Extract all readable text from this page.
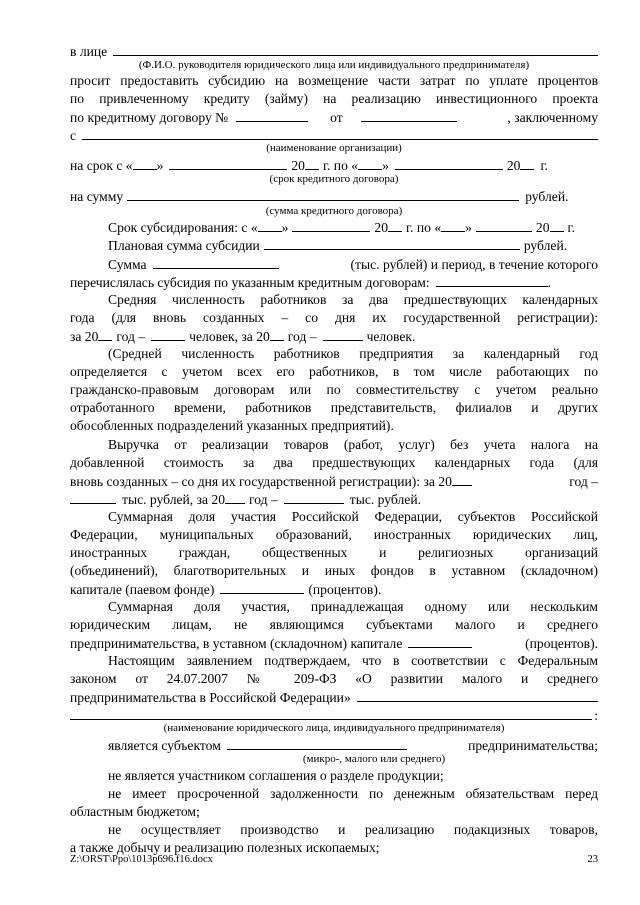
в лице
(Ф.И.О. руководителя юридического лица или индивидуального предпринимателя)
просит предоставить субсидию на возмещение части затрат по уплате процентов
по привлеченному кредиту (займу) на реализацию инвестиционного проекта
по кредитному договору №	от	, заключенному
с
(наименование организации)
на срок с « »	20 г. по « »	20 г.
(срок кредитного договора)
на сумму	рублей.
(сумма кредитного договора)
Срок субсидирования: с « »	20 г. по « »	20 г.
Плановая сумма субсидии	рублей.
Сумма	(тыс. рублей) и период, в течение которого
перечислялась субсидия по указанным кредитным договорам:	.
Средняя численность работников за два предшествующих календарных
года (для вновь созданных – со дня их государственной регистрации):
за 20 год –	человек, за 20 год –	человек.
(Средней численность работников предприятия за календарный год
определяется с учетом всех его работников, в том числе работающих по
гражданско-правовым договорам или по совместительству с учетом реально
отработанного времени, работников представительств, филиалов и других
обособленных подразделений указанных предприятий).
Выручка от реализации товаров (работ, услуг) без учета налога на
добавленной стоимость за два предшествующих календарных года (для
вновь созданных – со дня их государственной регистрации): за 20	год –
тыс. рублей, за 20 год –	тыс. рублей.
Суммарная доля участия Российской Федерации, субъектов Российской
Федерации, муниципальных образований, иностранных юридических лиц,
иностранных граждан, общественных и религиозных организаций
(объединений), благотворительных и иных фондов в уставном (складочном)
капитале (паевом фонде)	(процентов).
Суммарная доля участия, принадлежащая одному или нескольким
юридическим лицам, не являющимся субъектами малого и среднего
предпринимательства, в уставном (складочном) капитале	(процентов).
Настоящим заявлением подтверждаем, что в соответствии с Федеральным
законом от 24.07.2007 № 209-ФЗ «О развитии малого и среднего
предпринимательства в Российской Федерации»
:
(наименование юридического лица, индивидуального предпринимателя)
является субъектом	предпринимательства;
(микро-, малого или среднего)
не является участником соглашения о разделе продукции;
не имеет просроченной задолженности по денежным обязательствам перед
областным бюджетом;
не осуществляет производство и реализацию подакцизных товаров,
а также добычу и реализацию полезных ископаемых;
Z:\ORST\Ppo\1013p696.f16.docx	23
